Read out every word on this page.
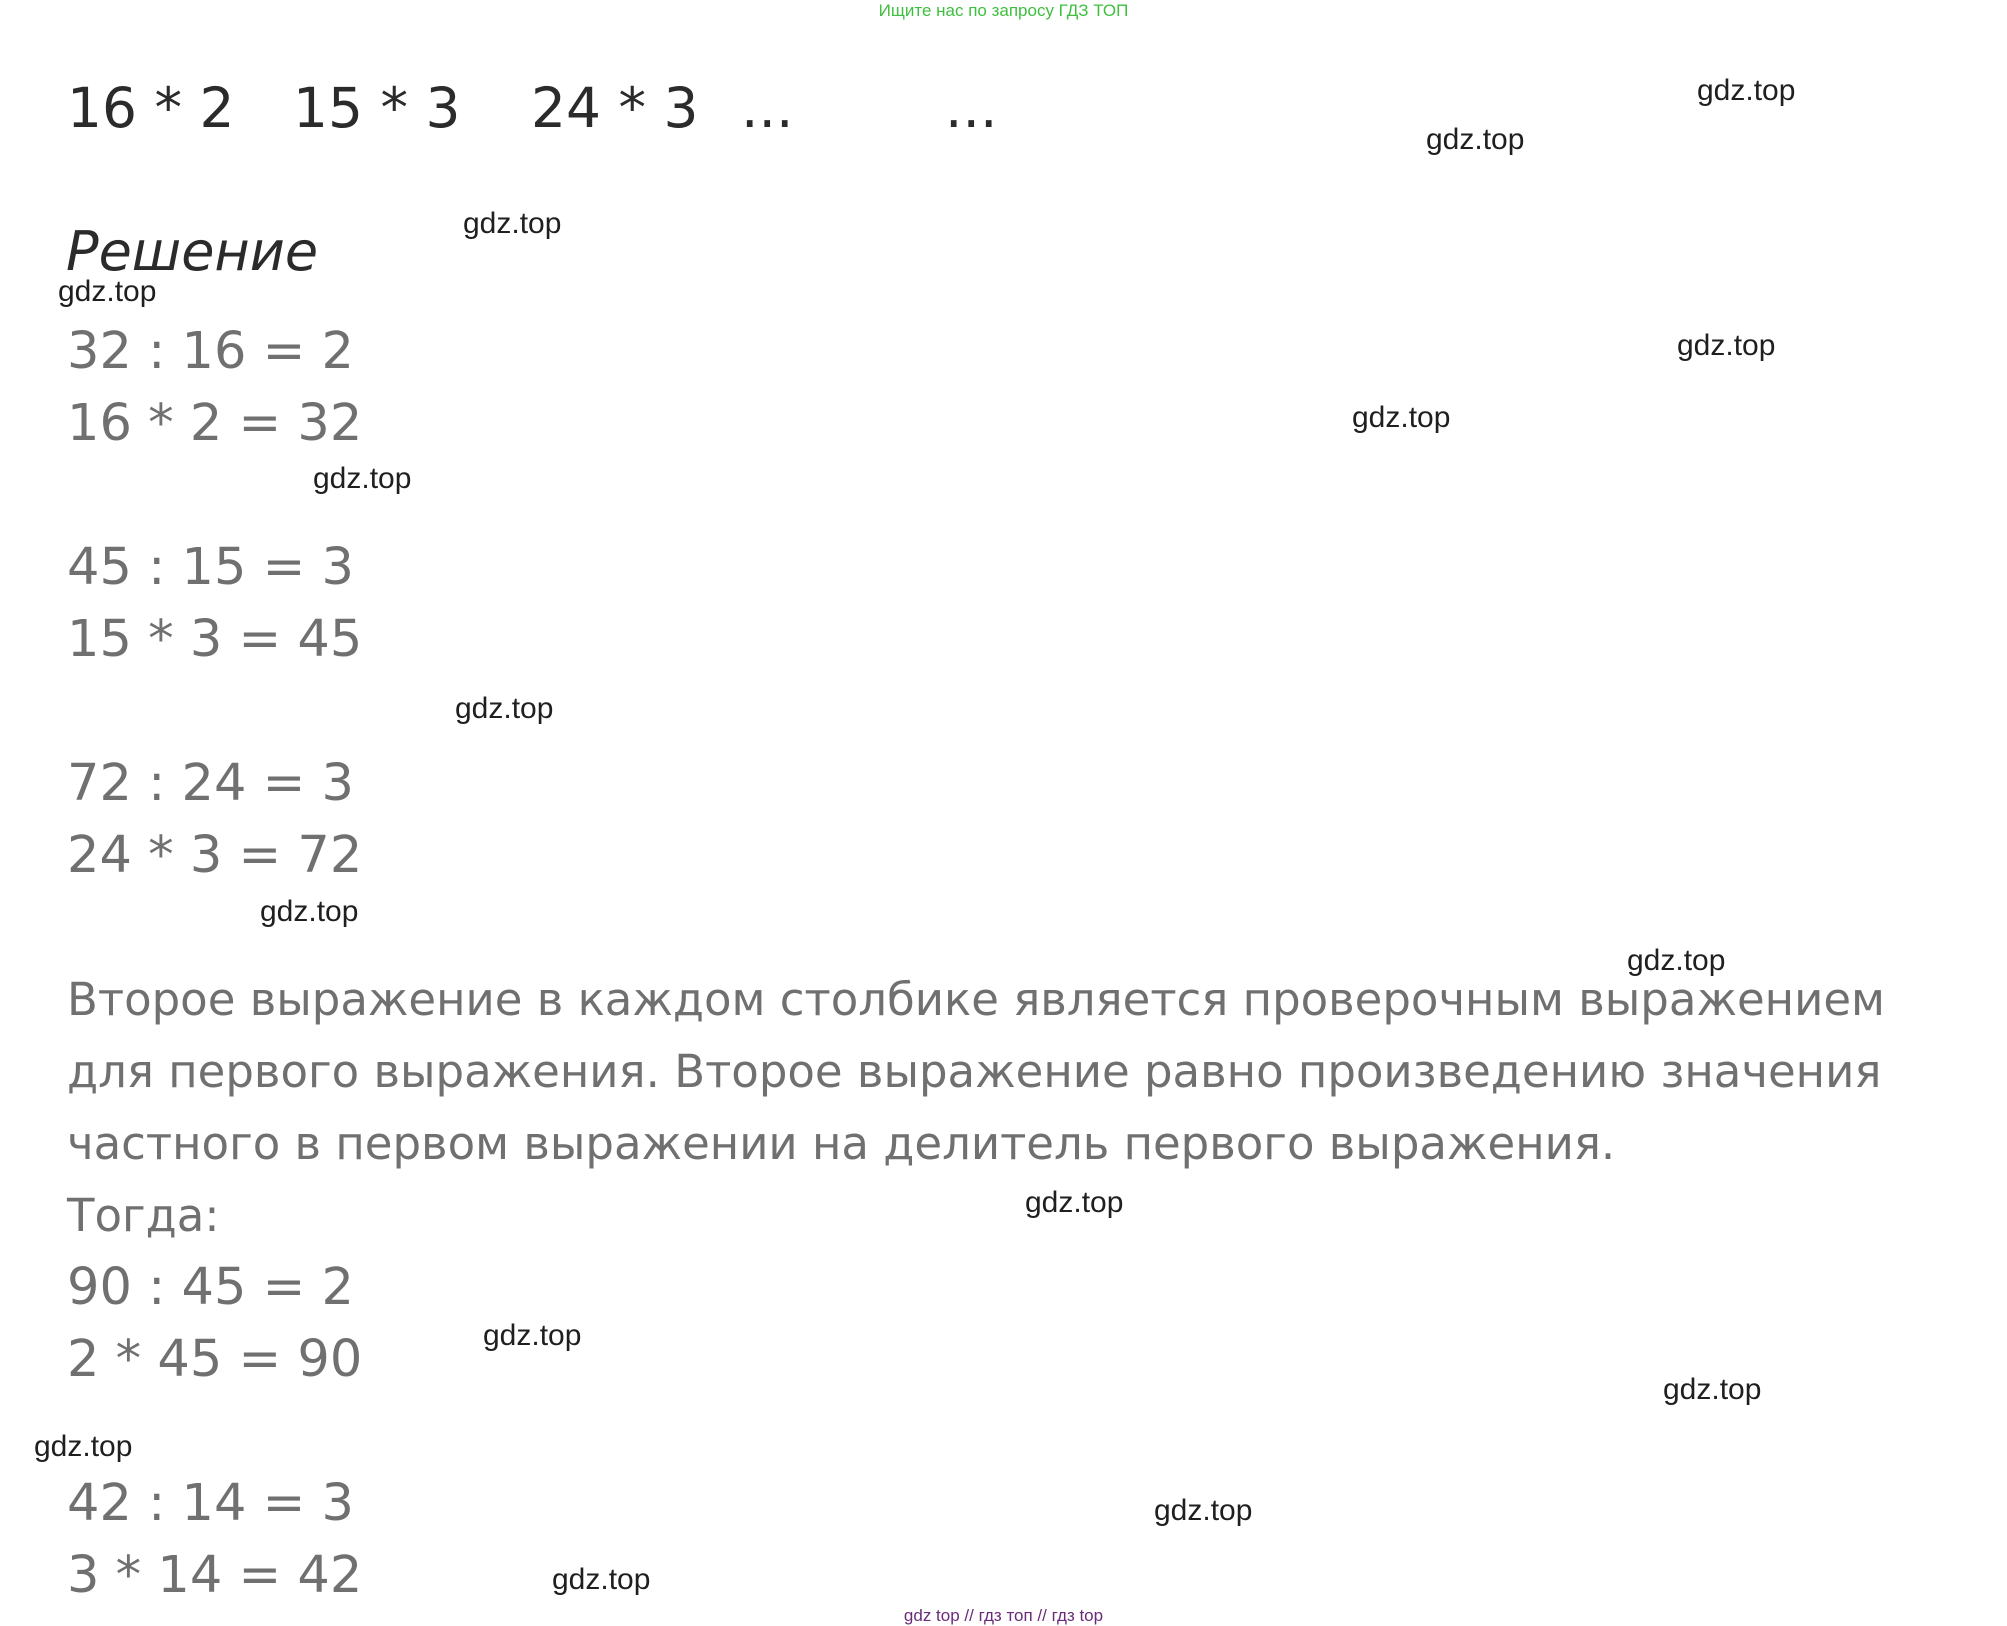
Ищите нас по запросу ГДЗ ТОП
16 * 2 15 * 3 24 * 3 ...	...
Решение
32 : 16 = 2
16 * 2 = 32
45 : 15 = 3
15 * 3 = 45
72 : 24 = 3
24 * 3 = 72
Второе выражение в каждом столбике является проверочным выражением
для первого выражения. Второе выражение равно произведению значения
частного в первом выражении на делитель первого выражения.
Тогда:
90 : 45 = 2
2 * 45 = 90
42 : 14 = 3
3 * 14 = 42
gdz.top
gdz.top
gdz.top
gdz.top
gdz.top
gdz.top
gdz.top
gdz.top
gdz.top
gdz.top
gdz.top
gdz.top
gdz.top
gdz.top
gdz.top
gdz.top
gdz top // гдз топ // гдз top
